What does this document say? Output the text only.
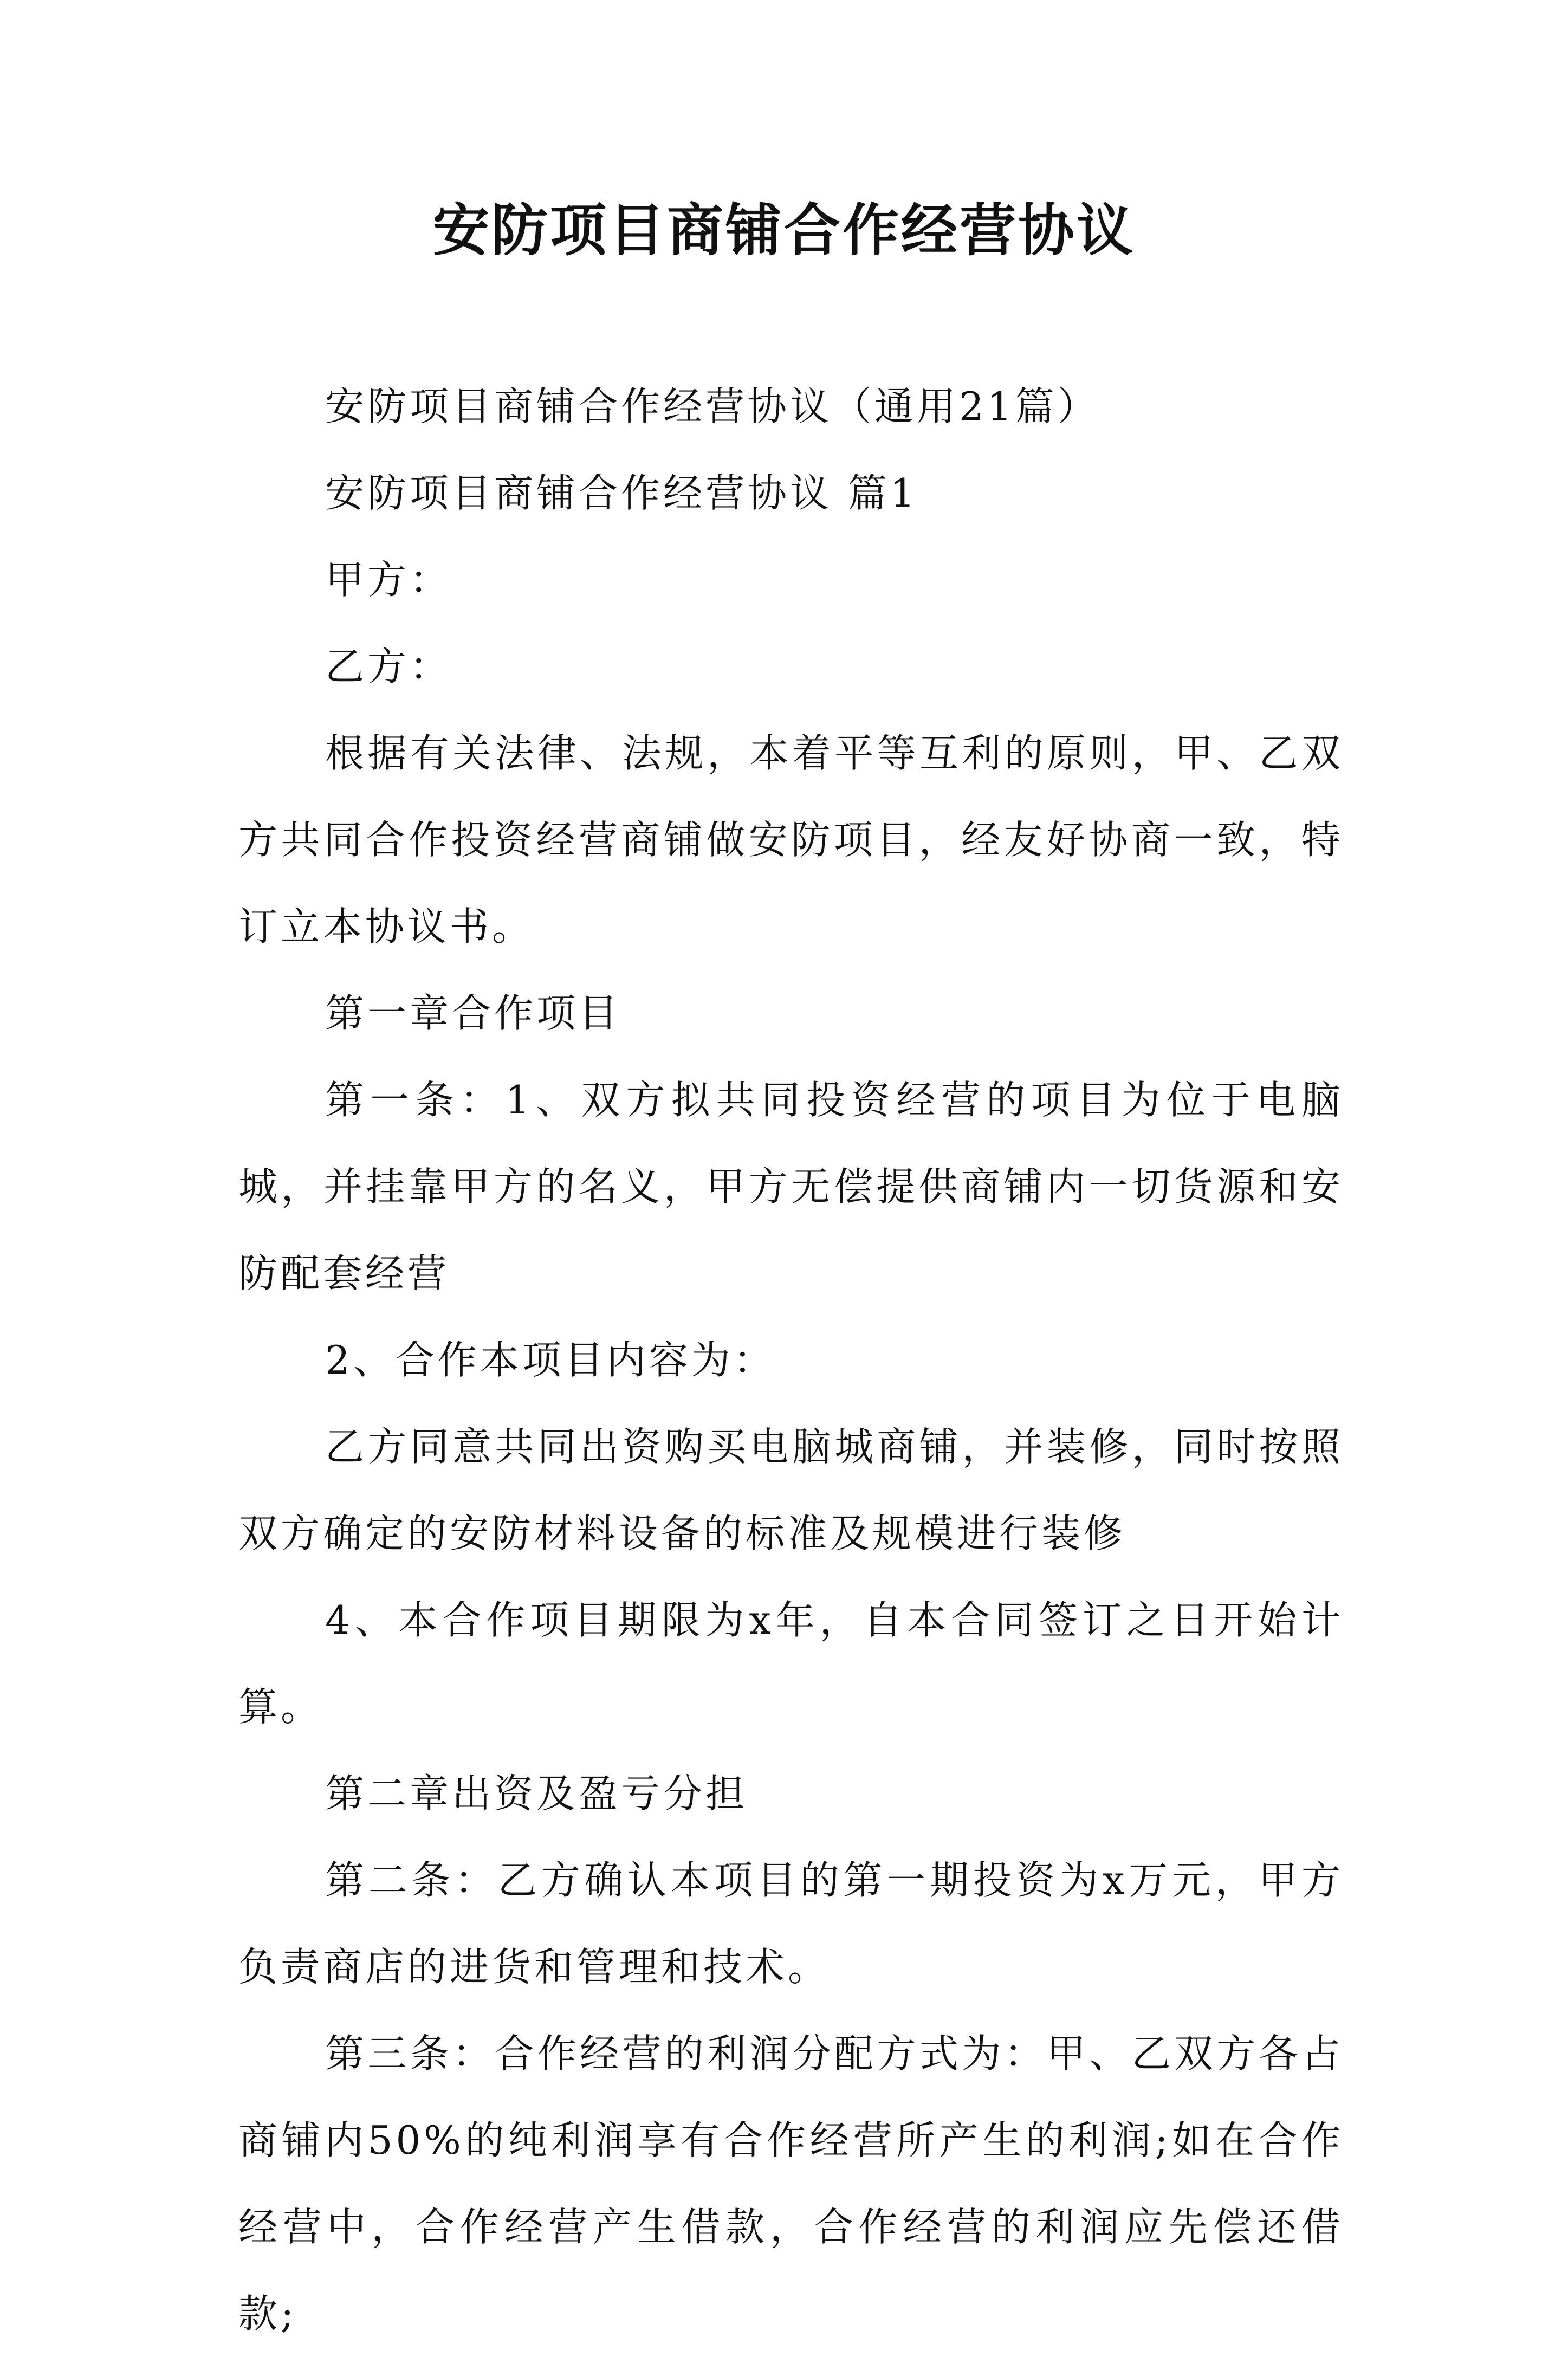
安防项目商铺合作经营协议

安防项目商铺合作经营协议（通用21篇）

安防项目商铺合作经营协议 篇1

甲方：

乙方：

根据有关法律、法规，本着平等互利的原则，甲、乙双方共同合作投资经营商铺做安防项目，经友好协商一致，特订立本协议书。

第一章合作项目

第一条：1、双方拟共同投资经营的项目为位于电脑城，并挂靠甲方的名义，甲方无偿提供商铺内一切货源和安防配套经营

2、合作本项目内容为：

乙方同意共同出资购买电脑城商铺，并装修，同时按照双方确定的安防材料设备的标准及规模进行装修

4、本合作项目期限为x年，自本合同签订之日开始计算。

第二章出资及盈亏分担

第二条：乙方确认本项目的第一期投资为x万元，甲方负责商店的进货和管理和技术。

第三条：合作经营的利润分配方式为：甲、乙双方各占商铺内50%的纯利润享有合作经营所产生的利润;如在合作经营中，合作经营产生借款，合作经营的利润应先偿还借款;
